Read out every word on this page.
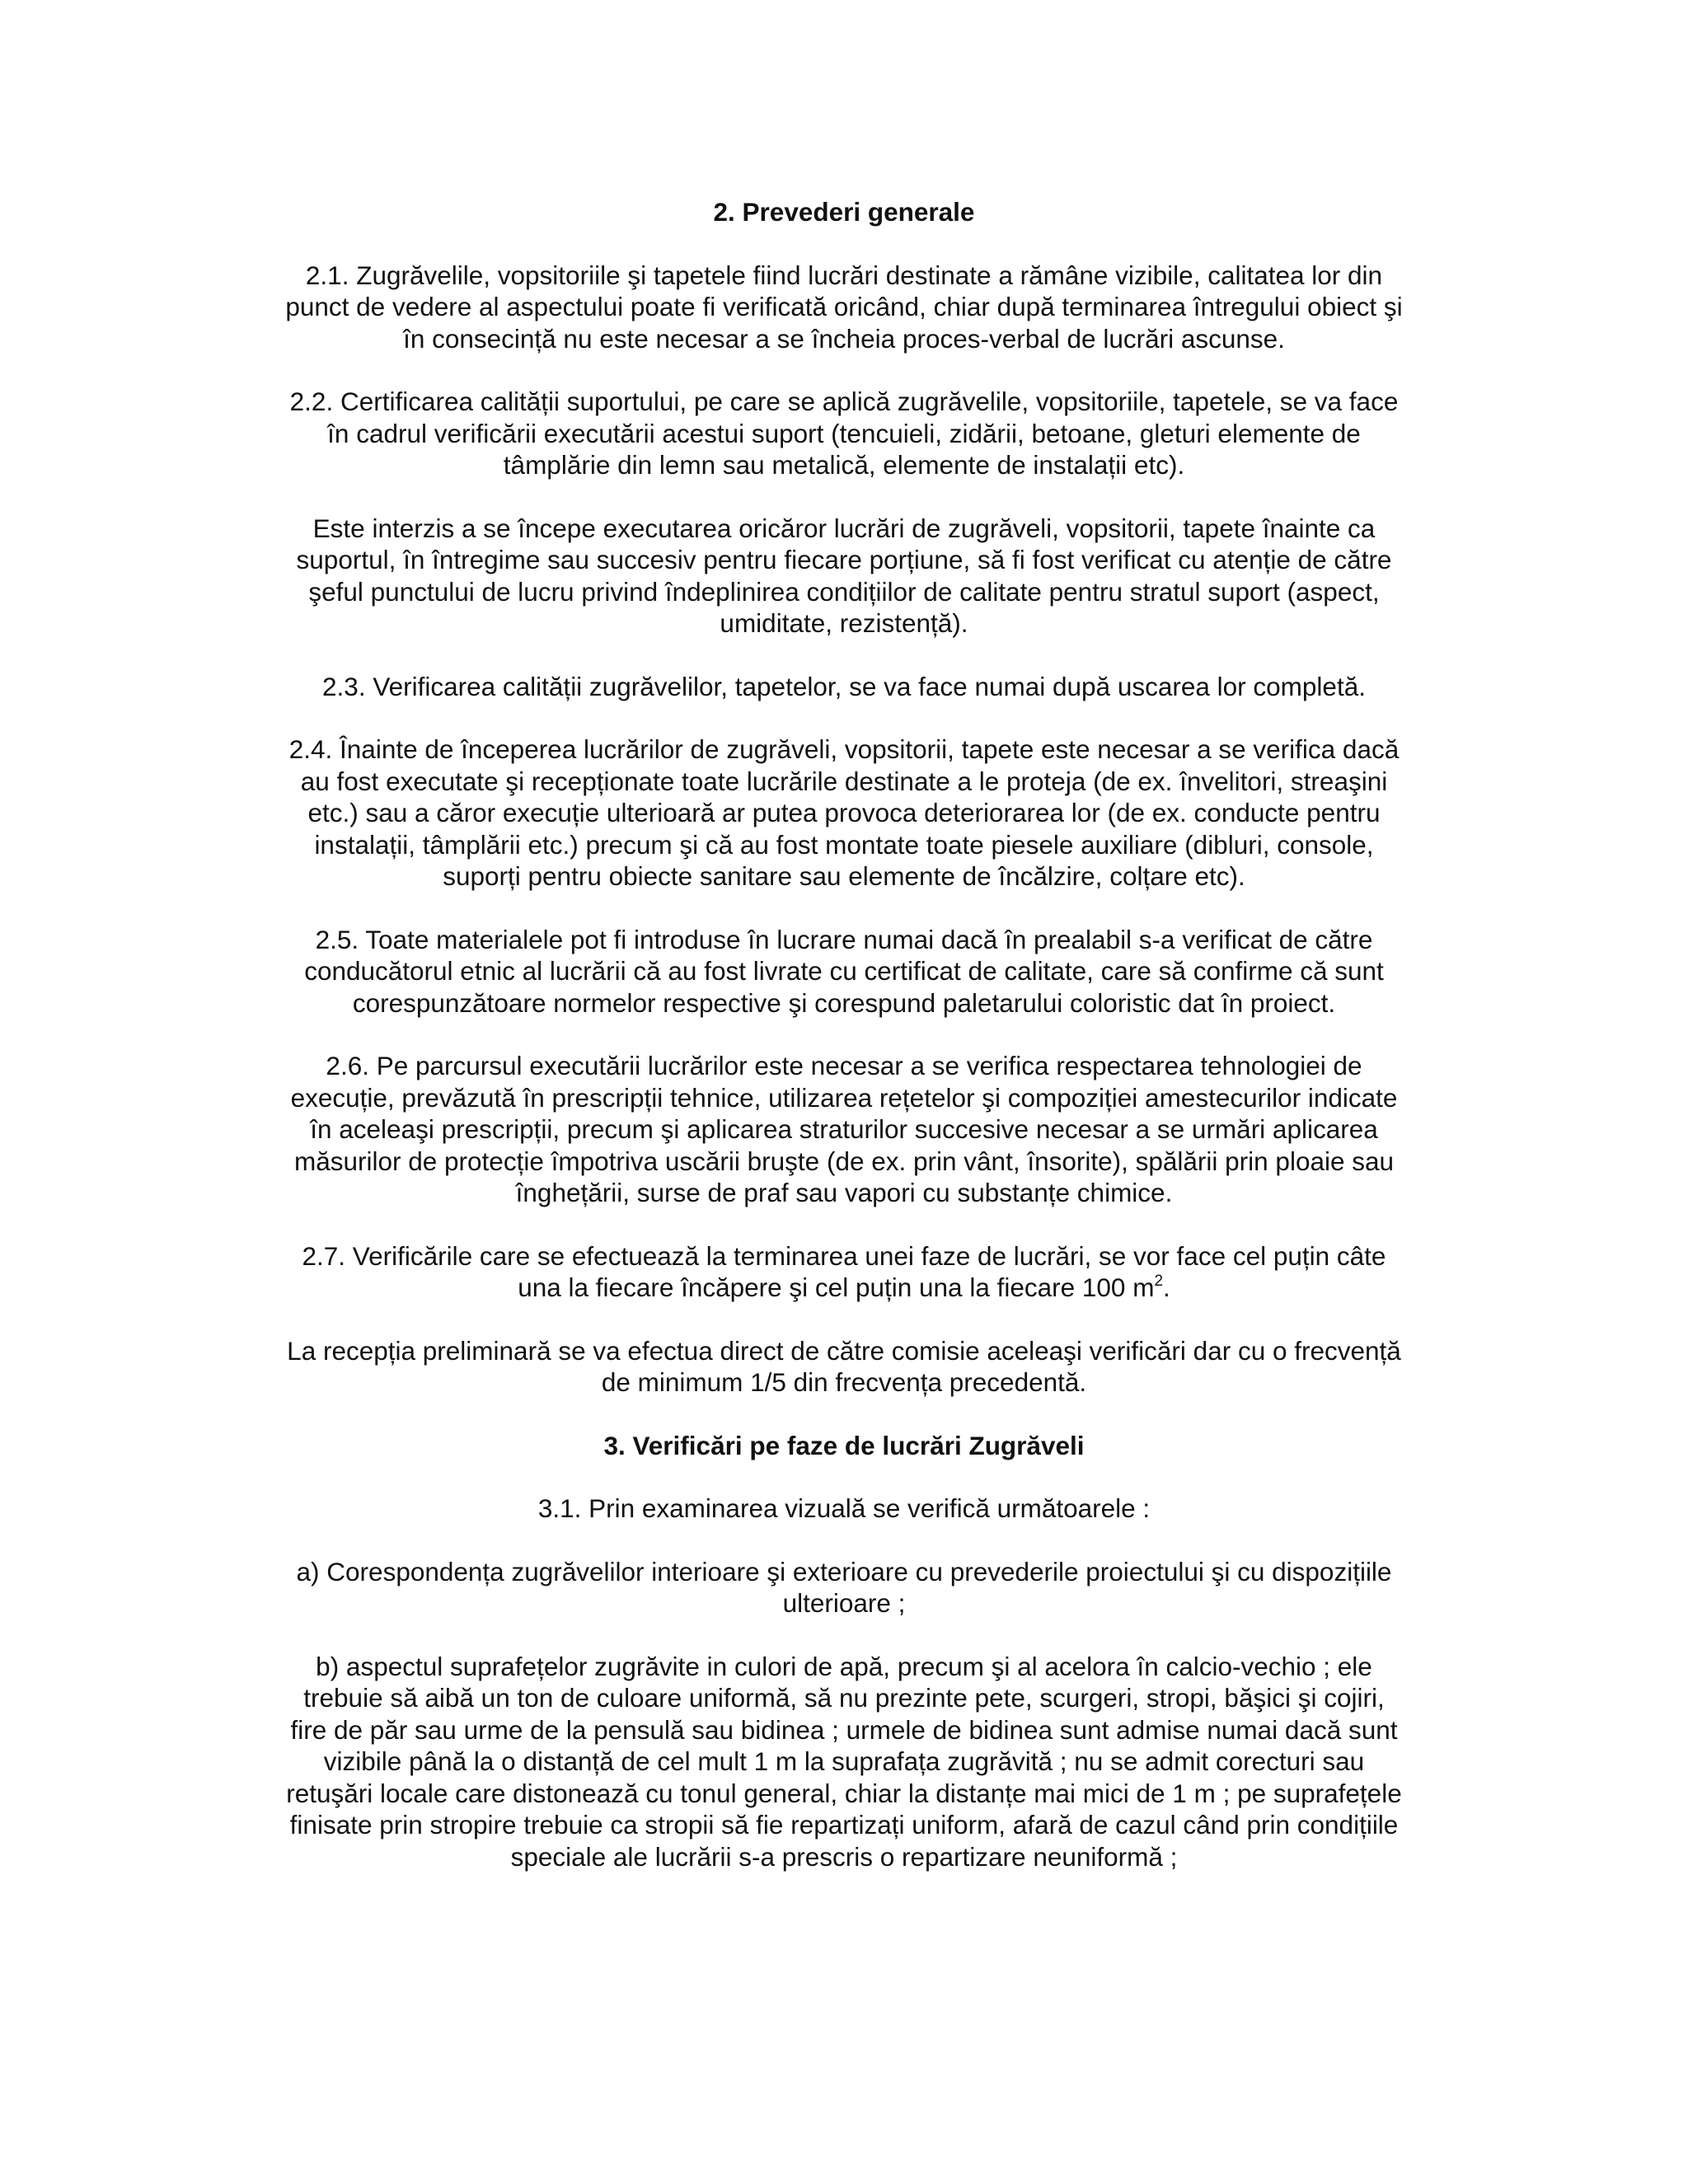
2. Prevederi generale
2.1. Zugrăvelile, vopsitoriile şi tapetele fiind lucrări destinate a rămâne vizibile, calitatea lor din
punct de vedere al aspectului poate fi verificată oricând, chiar după terminarea întregului obiect şi
în consecință nu este necesar a se încheia proces-verbal de lucrări ascunse.
2.2. Certificarea calității suportului, pe care se aplică zugrăvelile, vopsitoriile, tapetele, se va face
în cadrul verificării executării acestui suport (tencuieli, zidării, betoane, gleturi elemente de
tâmplărie din lemn sau metalică, elemente de instalații etc).
Este interzis a se începe executarea oricăror lucrări de zugrăveli, vopsitorii, tapete înainte ca
suportul, în întregime sau succesiv pentru fiecare porțiune, să fi fost verificat cu atenție de către
şeful punctului de lucru privind îndeplinirea condițiilor de calitate pentru stratul suport (aspect,
umiditate, rezistență).
2.3. Verificarea calității zugrăvelilor, tapetelor, se va face numai după uscarea lor completă.
2.4. Înainte de începerea lucrărilor de zugrăveli, vopsitorii, tapete este necesar a se verifica dacă
au fost executate şi recepționate toate lucrările destinate a le proteja (de ex. învelitori, streaşini
etc.) sau a căror execuție ulterioară ar putea provoca deteriorarea lor (de ex. conducte pentru
instalații, tâmplării etc.) precum şi că au fost montate toate piesele auxiliare (dibluri, console,
suporți pentru obiecte sanitare sau elemente de încălzire, colțare etc).
2.5. Toate materialele pot fi introduse în lucrare numai dacă în prealabil s-a verificat de către
conducătorul etnic al lucrării că au fost livrate cu certificat de calitate, care să confirme că sunt
corespunzătoare normelor respective şi corespund paletarului coloristic dat în proiect.
2.6. Pe parcursul executării lucrărilor este necesar a se verifica respectarea tehnologiei de
execuție, prevăzută în prescripții tehnice, utilizarea rețetelor şi compoziției amestecurilor indicate
în aceleaşi prescripții, precum şi aplicarea straturilor succesive necesar a se urmări aplicarea
măsurilor de protecție împotriva uscării bruşte (de ex. prin vânt, însorite), spălării prin ploaie sau
înghețării, surse de praf sau vapori cu substanțe chimice.
2.7. Verificările care se efectuează la terminarea unei faze de lucrări, se vor face cel puțin câte
una la fiecare încăpere şi cel puțin una la fiecare 100 $m^2$.
La recepția preliminară se va efectua direct de către comisie aceleaşi verificări dar cu o frecvență
de minimum 1/5 din frecvența precedentă.
3. Verificări pe faze de lucrări Zugrăveli
3.1. Prin examinarea vizuală se verifică următoarele :
a) Corespondența zugrăvelilor interioare şi exterioare cu prevederile proiectului şi cu dispozițiile
ulterioare ;
b) aspectul suprafețelor zugrăvite in culori de apă, precum şi al acelora în calcio-vechio ; ele
trebuie să aibă un ton de culoare uniformă, să nu prezinte pete, scurgeri, stropi, băşici şi cojiri,
fire de păr sau urme de la pensulă sau bidinea ; urmele de bidinea sunt admise numai dacă sunt
vizibile până la o distanță de cel mult 1 m la suprafața zugrăvită ; nu se admit corecturi sau
retuşări locale care distonează cu tonul general, chiar la distanțe mai mici de 1 m ; pe suprafețele
finisate prin stropire trebuie ca stropii să fie repartizați uniform, afară de cazul când prin condițiile
speciale ale lucrării s-a prescris o repartizare neuniformă ;
